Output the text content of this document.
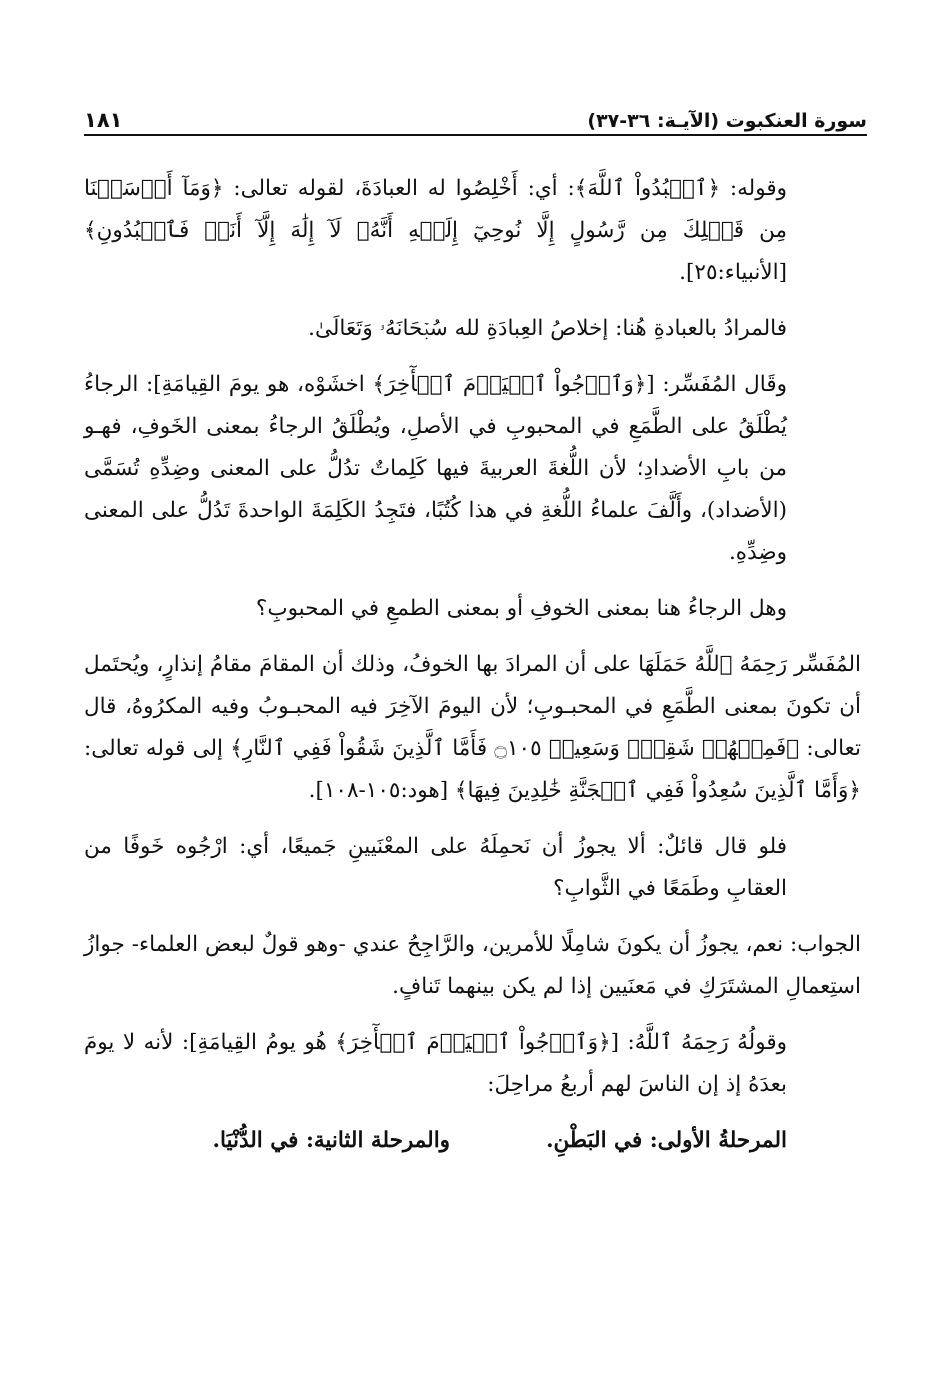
سورة العنكبوت (الآيـة: ٣٦-٣٧)
١٨١

وقوله: ﴿ٱعۡبُدُواْ ٱللَّهَ﴾: أي: أَخْلِصُوا له العبادَةَ، لقوله تعالى: ﴿وَمَآ أَرۡسَلۡنَا مِن قَبۡلِكَ مِن رَّسُولٍ إِلَّا نُوحِيٓ إِلَيۡهِ أَنَّهُۥ لَآ إِلَٰهَ إِلَّآ أَنَا۠ فَٱعۡبُدُونِ﴾ [الأنبياء:٢٥].

فالمرادُ بالعبادةِ هُنا: إخلاصُ العِبادَةِ لله سُبۡحَانَهُۥ وَتَعَالَىٰ.

وقَال المُفَسِّر: [﴿وَٱرۡجُواْ ٱلۡيَوۡمَ ٱلۡأٓخِرَ﴾ اخشَوْه، هو يومَ القِيامَةِ]: الرجاءُ يُطْلَقُ على الطَّمَعِ في المحبوبِ في الأصلِ، ويُطْلَقُ الرجاءُ بمعنى الخَوفِ، فهـو من بابِ الأضدادِ؛ لأن اللُّغةَ العربيةَ فيها كَلِماتٌ تدُلُّ على المعنى وضِدِّهِ تُسَمَّى (الأضداد)، وأَلَّفَ علماءُ اللُّغةِ في هذا كُتُبًا، فتَجِدُ الكَلِمَةَ الواحدةَ تَدُلُّ على المعنى وضِدِّهِ.

وهل الرجاءُ هنا بمعنى الخوفِ أو بمعنى الطمعِ في المحبوبِ؟

المُفَسِّر رَحِمَهُ ٱللَّهُ حَمَلَهَا على أن المرادَ بها الخوفُ، وذلك أن المقامَ مقامُ إنذارٍ، ويُحتَمل أن تكونَ بمعنى الطَّمَعِ في المحبـوبِ؛ لأن اليومَ الآخِرَ فيه المحبـوبُ وفيه المكرُوهُ، قال تعالى: ﴿فَمِنۡهُمۡ شَقِيّٞ وَسَعِيدٞ ۝١٠٥ فَأَمَّا ٱلَّذِينَ شَقُواْ فَفِي ٱلنَّارِ﴾ إلى قوله تعالى: ﴿وَأَمَّا ٱلَّذِينَ سُعِدُواْ فَفِي ٱلۡجَنَّةِ خَٰلِدِينَ فِيهَا﴾ [هود:١٠٥-١٠٨].

فلو قال قائلٌ: ألا يجوزُ أن نَحمِلَهُ على المعْنَيينِ جَميعًا، أي: ارْجُوه خَوفًا من العقابِ وطَمَعًا في الثَّوابِ؟

الجواب: نعم، يجوزُ أن يكونَ شامِلًا للأمرين، والرَّاجِحُ عندي -وهو قولٌ لبعض العلماء- جوازُ استِعمالِ المشتَرَكِ في مَعنَيين إذا لم يكن بينهما تَنافٍ.

وقولُهُ رَحِمَهُ ٱللَّهُ: [﴿وَٱرۡجُواْ ٱلۡيَوۡمَ ٱلۡأٓخِرَ﴾ هُو يومُ القِيامَةِ]: لأنه لا يومَ بعدَهُ إذ إن الناسَ لهم أربعُ مراحِلَ:

المرحلةُ الأولى: في البَطْنِ.
والمرحلة الثانية: في الدُّنْيَا.
